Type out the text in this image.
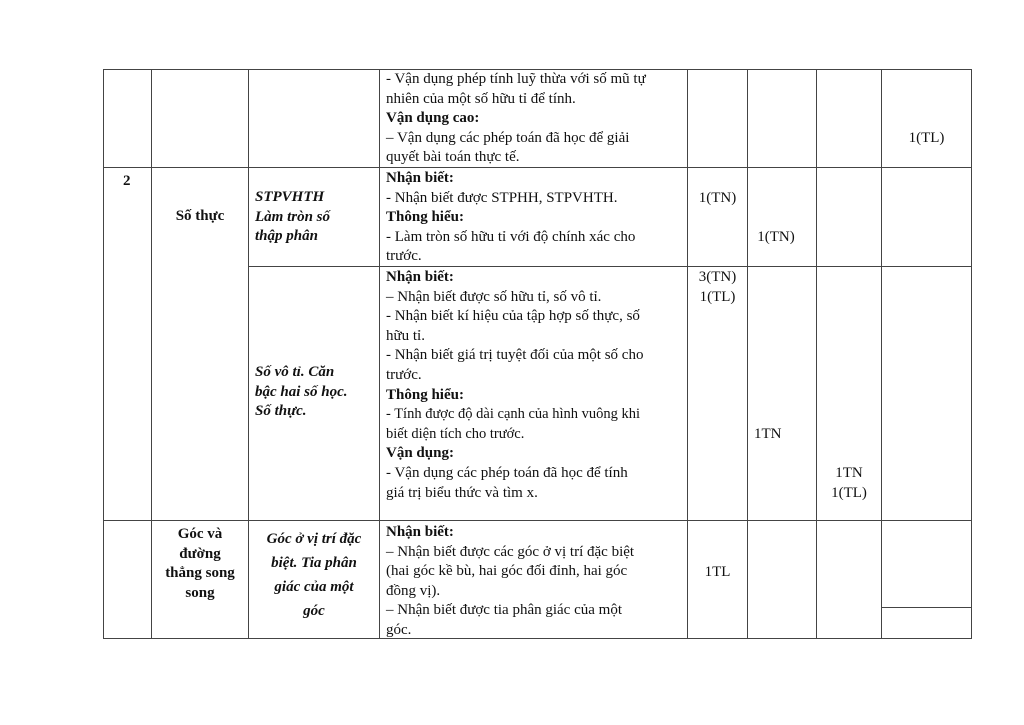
- Vận dụng phép tính luỹ thừa với số mũ tự
nhiên của một số hữu tỉ để tính.
Vận dụng cao:
– Vận dụng các phép toán đã học để giải
quyết bài toán thực tế.
1(TL)
2
Số thực
STPVHTH
Làm tròn số
thập phân
Nhận biết:
- Nhận biết được STPHH, STPVHTH.
Thông hiểu:
- Làm tròn số hữu tỉ với độ chính xác cho
trước.
1(TN)
1(TN)
Số vô tỉ. Căn
bậc hai số học.
Số thực.
Nhận biết:
– Nhận biết được số hữu tỉ, số vô tỉ.
- Nhận biết kí hiệu của tập hợp số thực, số
hữu tỉ.
- Nhận biết giá trị tuyệt đối của một số cho
trước.
Thông hiểu:
- Tính được độ dài cạnh của hình vuông khi
biết diện tích cho trước.
Vận dụng:
- Vận dụng các phép toán đã học để tính
giá trị biểu thức và tìm x.
3(TN)
1(TL)
1TN
1TN
1(TL)
Góc và
đường
thẳng song
song
Góc ở vị trí đặc
biệt. Tia phân
giác của một
góc
Nhận biết:
– Nhận biết được các góc ở vị trí đặc biệt
(hai góc kề bù, hai góc đối đỉnh, hai góc
đồng vị).
– Nhận biết được tia phân giác của một
góc.
1TL
